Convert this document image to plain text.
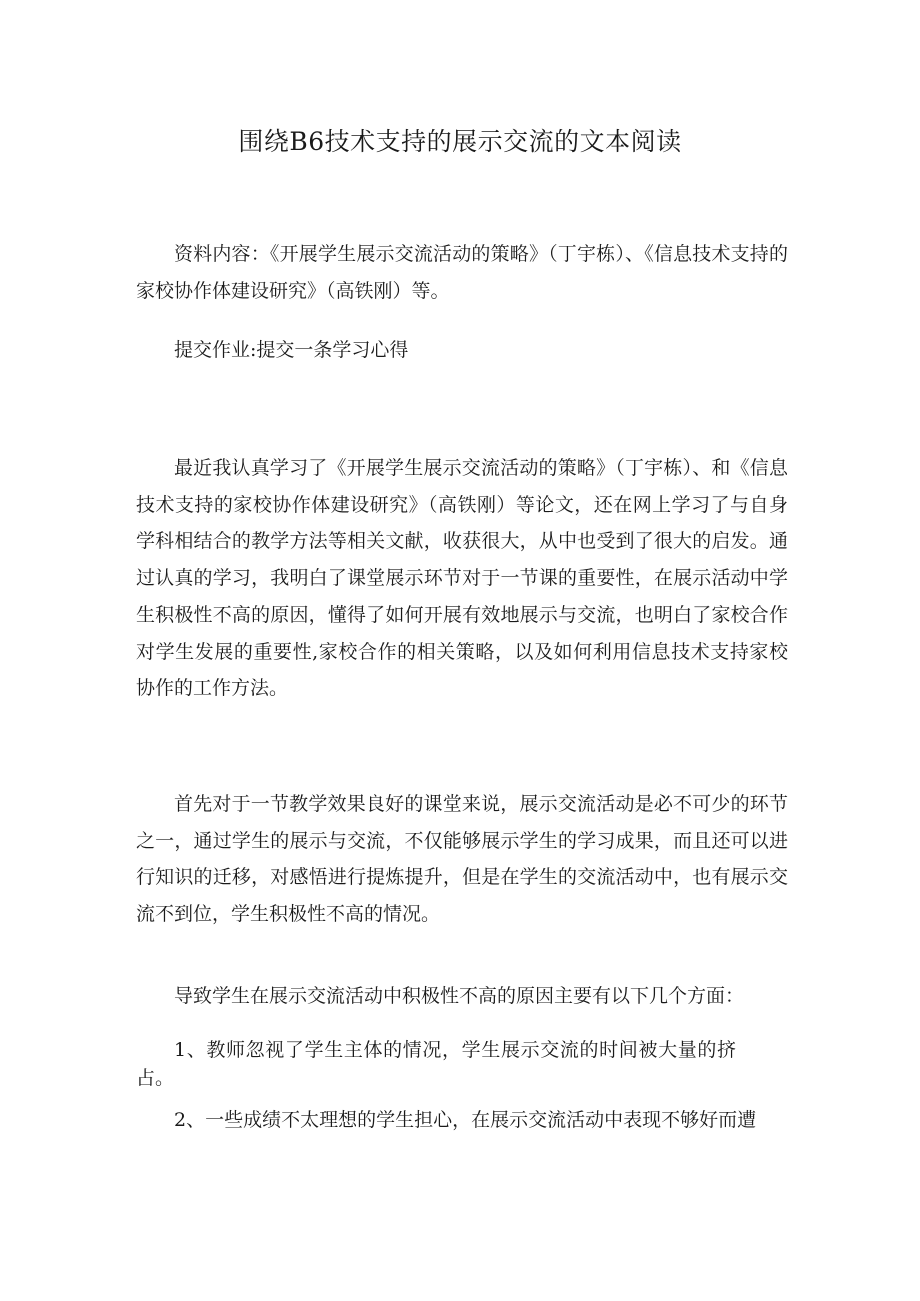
围绕B6技术支持的展示交流的文本阅读

资料内容：《开展学生展示交流活动的策略》（丁宇栋）、《信息技术支持的家校协作体建设研究》（高铁刚）等。

提交作业:提交一条学习心得

最近我认真学习了《开展学生展示交流活动的策略》（丁宇栋）、和《信息技术支持的家校协作体建设研究》（高铁刚）等论文，还在网上学习了与自身学科相结合的教学方法等相关文献，收获很大，从中也受到了很大的启发。通过认真的学习，我明白了课堂展示环节对于一节课的重要性，在展示活动中学生积极性不高的原因，懂得了如何开展有效地展示与交流，也明白了家校合作对学生发展的重要性,家校合作的相关策略，以及如何利用信息技术支持家校协作的工作方法。

首先对于一节教学效果良好的课堂来说，展示交流活动是必不可少的环节之一，通过学生的展示与交流，不仅能够展示学生的学习成果，而且还可以进行知识的迁移，对感悟进行提炼提升，但是在学生的交流活动中，也有展示交流不到位，学生积极性不高的情况。

导致学生在展示交流活动中积极性不高的原因主要有以下几个方面：

1、教师忽视了学生主体的情况，学生展示交流的时间被大量的挤占。

2、一些成绩不太理想的学生担心，在展示交流活动中表现不够好而遭
